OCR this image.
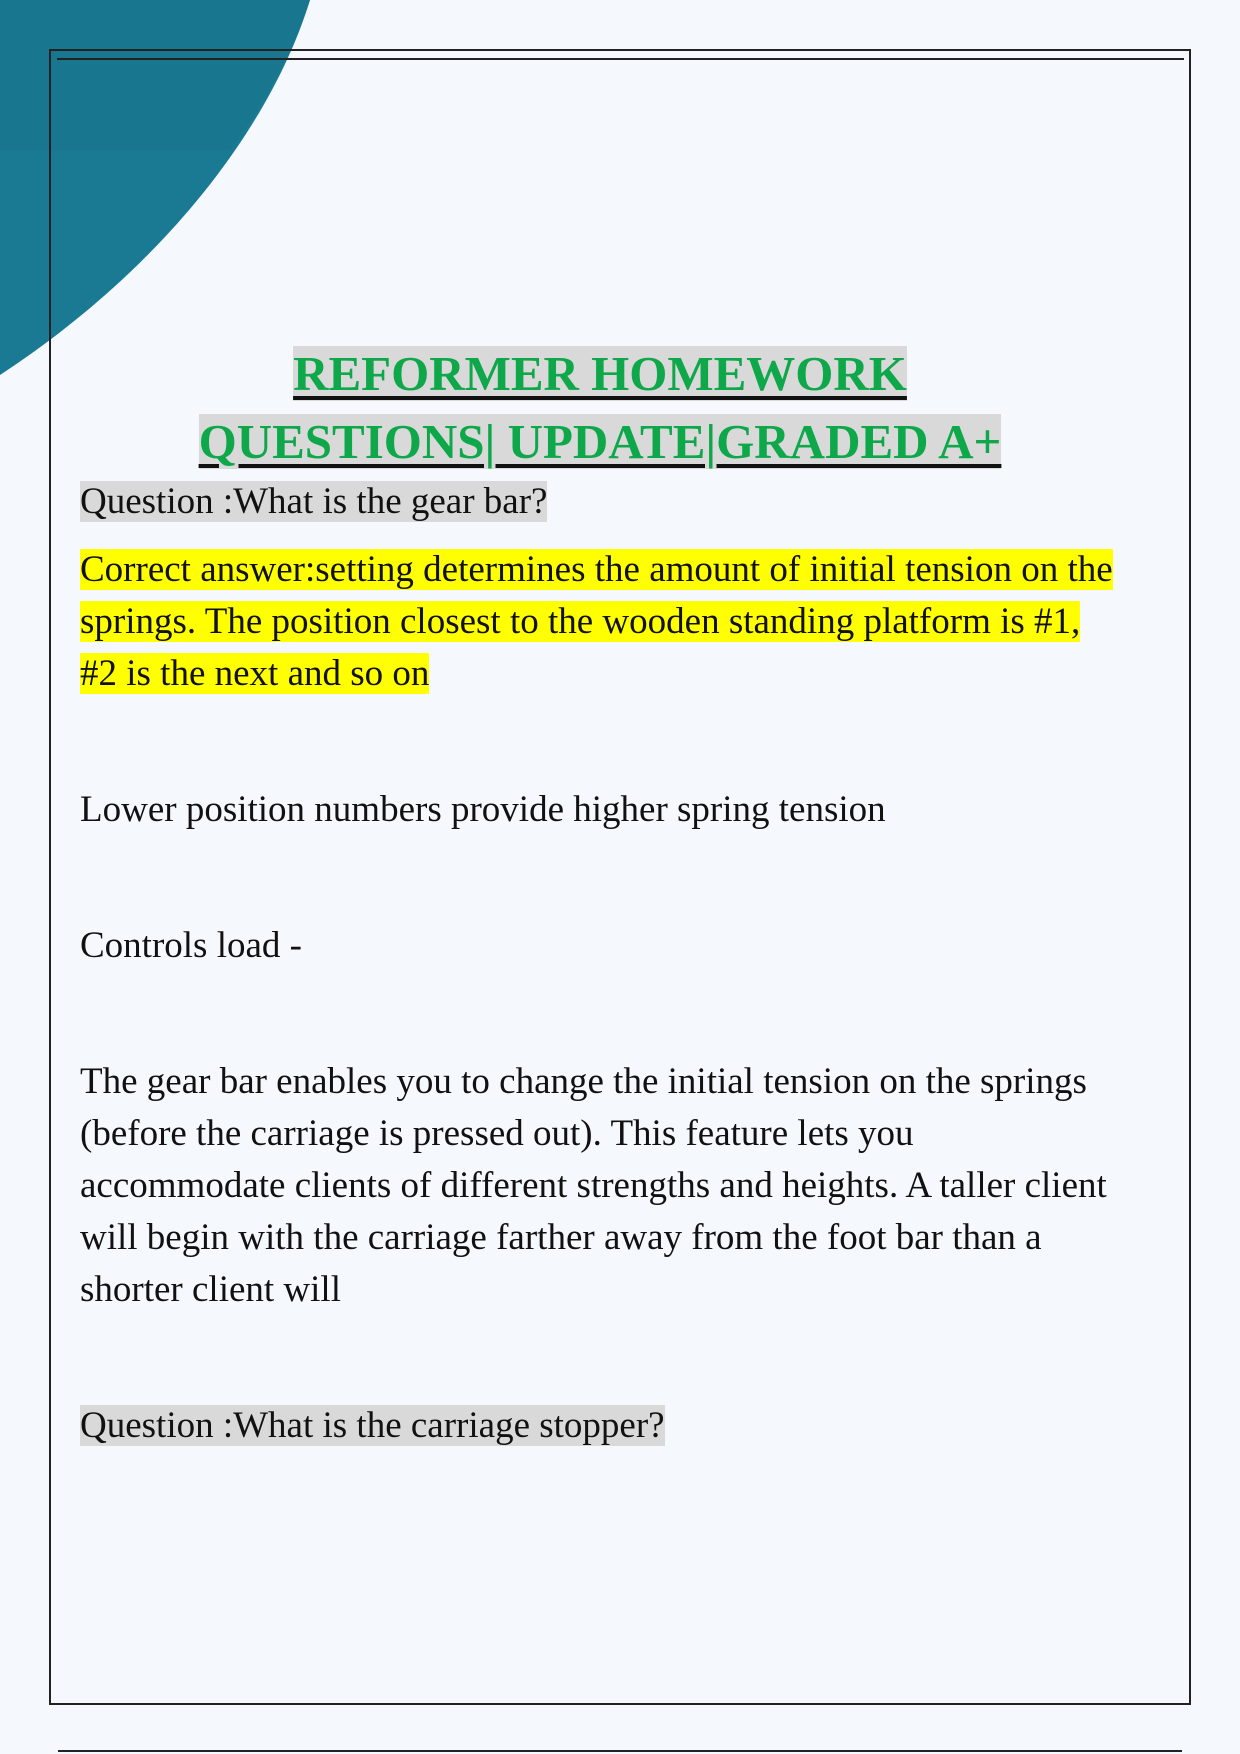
REFORMER HOMEWORK
QUESTIONS| UPDATE|GRADED A+

Question :What is the gear bar?

Correct answer:setting determines the amount of initial tension on the springs. The position closest to the wooden standing platform is #1, #2 is the next and so on

Lower position numbers provide higher spring tension

Controls load -

The gear bar enables you to change the initial tension on the springs (before the carriage is pressed out). This feature lets you accommodate clients of different strengths and heights. A taller client will begin with the carriage farther away from the foot bar than a shorter client will

Question :What is the carriage stopper?
